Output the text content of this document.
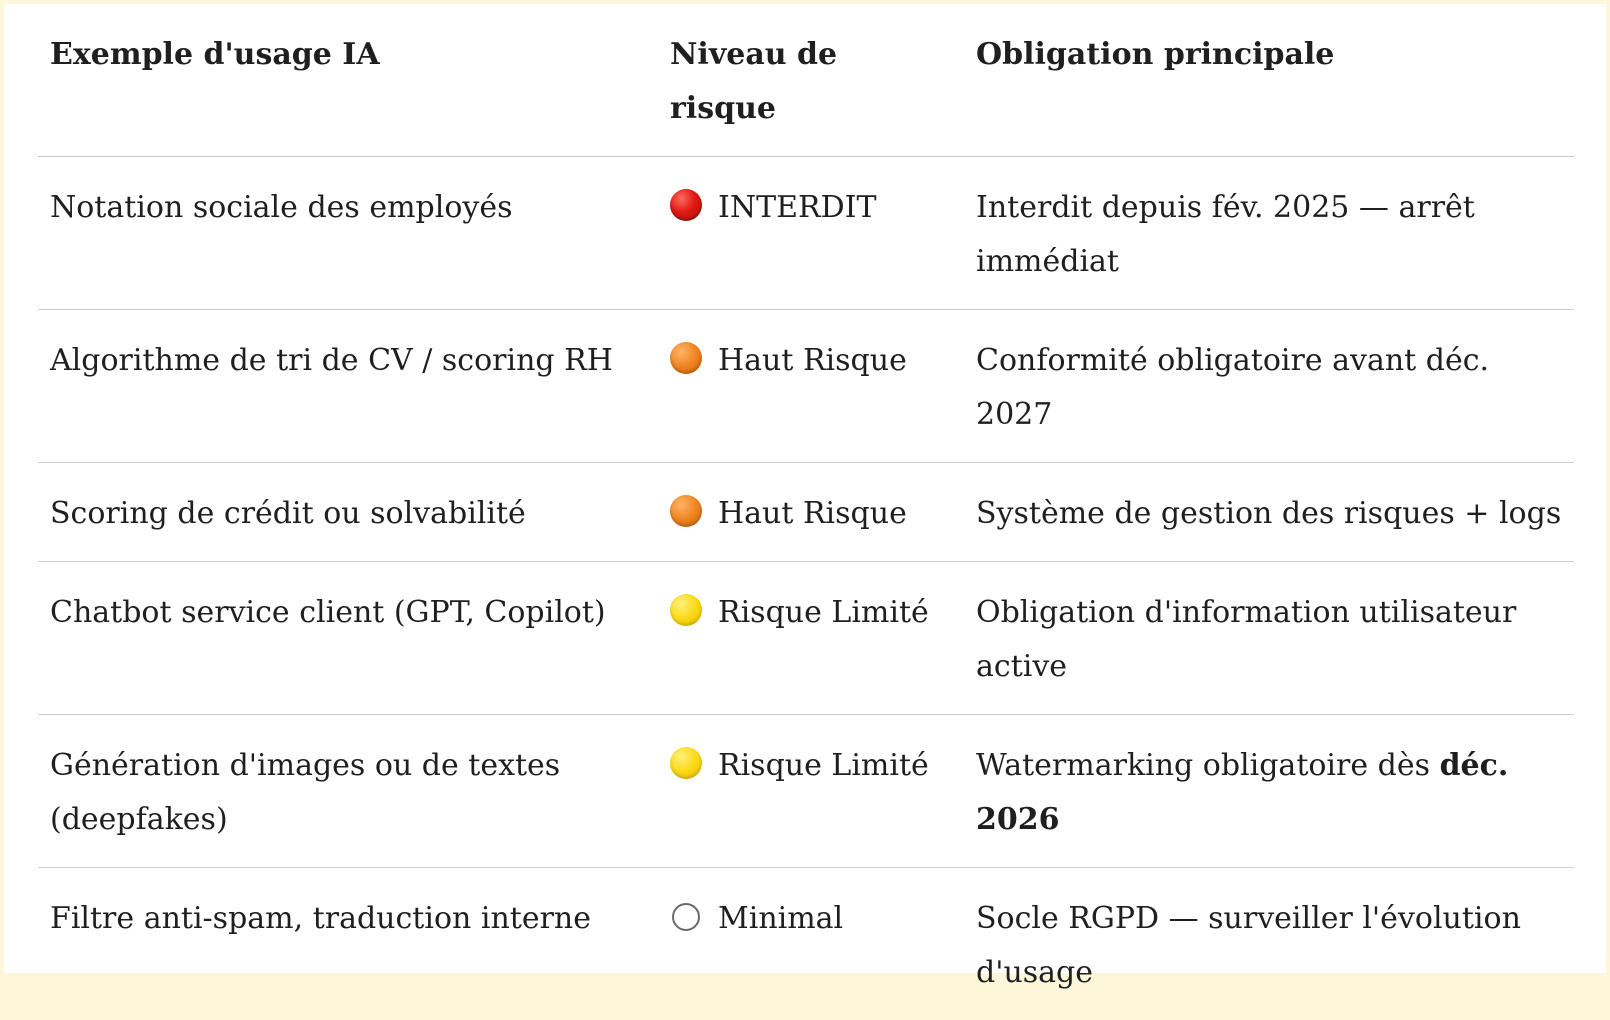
Exemple d'usage IA	Niveau de risque	Obligation principale
Notation sociale des employés	INTERDIT	Interdit depuis fév. 2025 — arrêt immédiat
Algorithme de tri de CV / scoring RH	Haut Risque	Conformité obligatoire avant déc. 2027
Scoring de crédit ou solvabilité	Haut Risque	Système de gestion des risques + logs
Chatbot service client (GPT, Copilot)	Risque Limité	Obligation d'information utilisateur active
Génération d'images ou de textes (deepfakes)	Risque Limité	Watermarking obligatoire dès déc. 2026
Filtre anti-spam, traduction interne	Minimal	Socle RGPD — surveiller l'évolution d'usage
